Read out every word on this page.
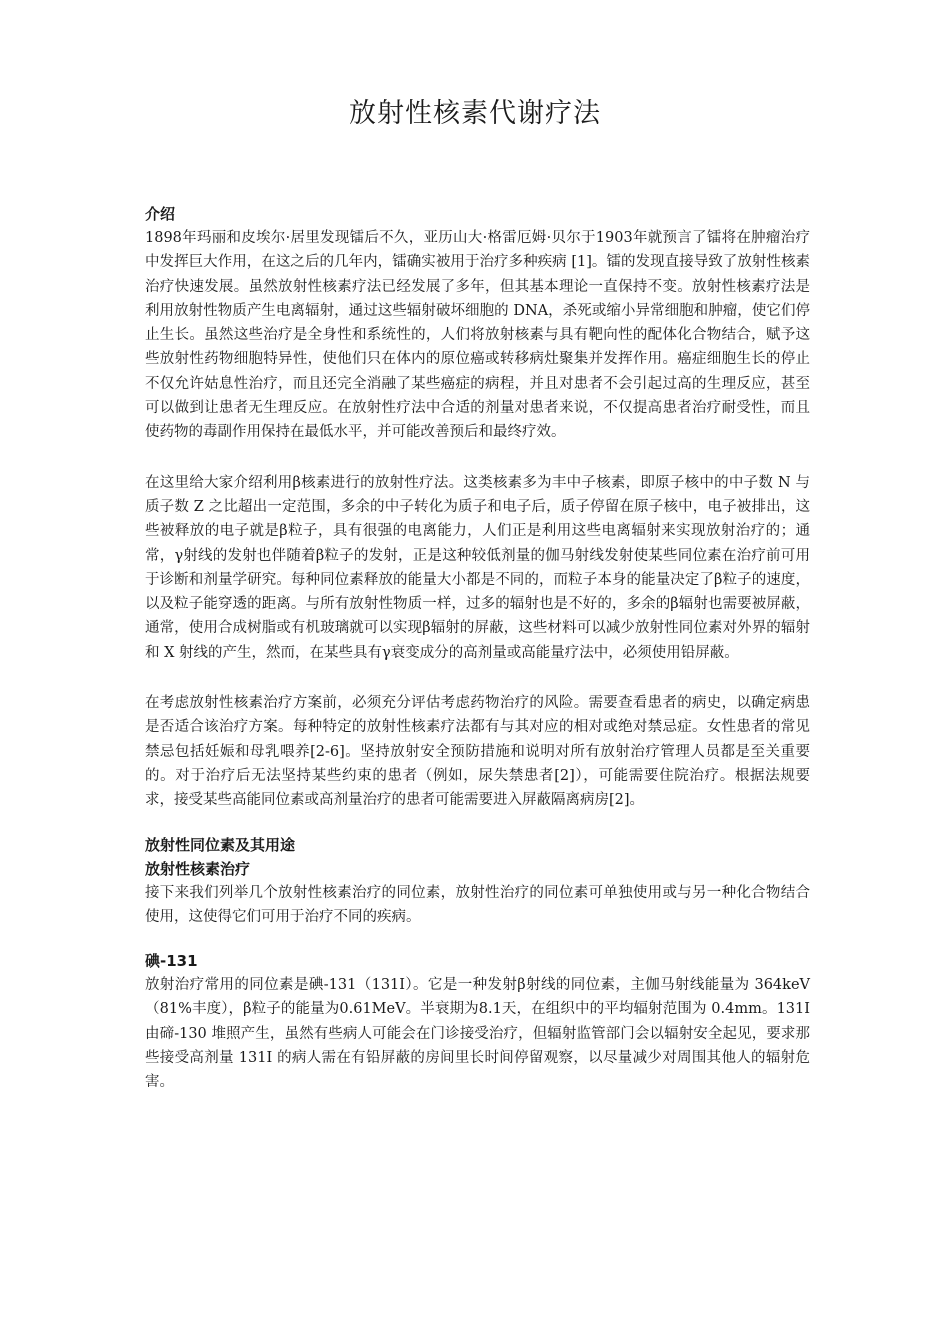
放射性核素代谢疗法

介绍

1898年玛丽和皮埃尔·居里发现镭后不久，亚历山大·格雷厄姆·贝尔于1903年就预言了镭将在肿瘤治疗中发挥巨大作用，在这之后的几年内，镭确实被用于治疗多种疾病 [1]。镭的发现直接导致了放射性核素治疗快速发展。虽然放射性核素疗法已经发展了多年，但其基本理论一直保持不变。放射性核素疗法是利用放射性物质产生电离辐射，通过这些辐射破坏细胞的 DNA，杀死或缩小异常细胞和肿瘤，使它们停止生长。虽然这些治疗是全身性和系统性的，人们将放射核素与具有靶向性的配体化合物结合，赋予这些放射性药物细胞特异性，使他们只在体内的原位癌或转移病灶聚集并发挥作用。癌症细胞生长的停止不仅允许姑息性治疗，而且还完全消融了某些癌症的病程，并且对患者不会引起过高的生理反应，甚至可以做到让患者无生理反应。在放射性疗法中合适的剂量对患者来说，不仅提高患者治疗耐受性，而且使药物的毒副作用保持在最低水平，并可能改善预后和最终疗效。

在这里给大家介绍利用β核素进行的放射性疗法。这类核素多为丰中子核素，即原子核中的中子数 N 与质子数 Z 之比超出一定范围，多余的中子转化为质子和电子后，质子停留在原子核中，电子被排出，这些被释放的电子就是β粒子，具有很强的电离能力，人们正是利用这些电离辐射来实现放射治疗的；通常，γ射线的发射也伴随着β粒子的发射，正是这种较低剂量的伽马射线发射使某些同位素在治疗前可用于诊断和剂量学研究。每种同位素释放的能量大小都是不同的，而粒子本身的能量决定了β粒子的速度，以及粒子能穿透的距离。与所有放射性物质一样，过多的辐射也是不好的，多余的β辐射也需要被屏蔽，通常，使用合成树脂或有机玻璃就可以实现β辐射的屏蔽，这些材料可以减少放射性同位素对外界的辐射和 X 射线的产生，然而，在某些具有γ衰变成分的高剂量或高能量疗法中，必须使用铅屏蔽。

在考虑放射性核素治疗方案前，必须充分评估考虑药物治疗的风险。需要查看患者的病史，以确定病患是否适合该治疗方案。每种特定的放射性核素疗法都有与其对应的相对或绝对禁忌症。女性患者的常见禁忌包括妊娠和母乳喂养[2-6]。坚持放射安全预防措施和说明对所有放射治疗管理人员都是至关重要的。对于治疗后无法坚持某些约束的患者（例如，尿失禁患者[2]），可能需要住院治疗。根据法规要求，接受某些高能同位素或高剂量治疗的患者可能需要进入屏蔽隔离病房[2]。

放射性同位素及其用途

放射性核素治疗

接下来我们列举几个放射性核素治疗的同位素，放射性治疗的同位素可单独使用或与另一种化合物结合使用，这使得它们可用于治疗不同的疾病。

碘-131

放射治疗常用的同位素是碘-131（131I）。它是一种发射β射线的同位素，主伽马射线能量为 364keV（81%丰度），β粒子的能量为0.61MeV。半衰期为8.1天，在组织中的平均辐射范围为 0.4mm。131I 由碲-130 堆照产生，虽然有些病人可能会在门诊接受治疗，但辐射监管部门会以辐射安全起见，要求那些接受高剂量 131I 的病人需在有铅屏蔽的房间里长时间停留观察，以尽量减少对周围其他人的辐射危害。
